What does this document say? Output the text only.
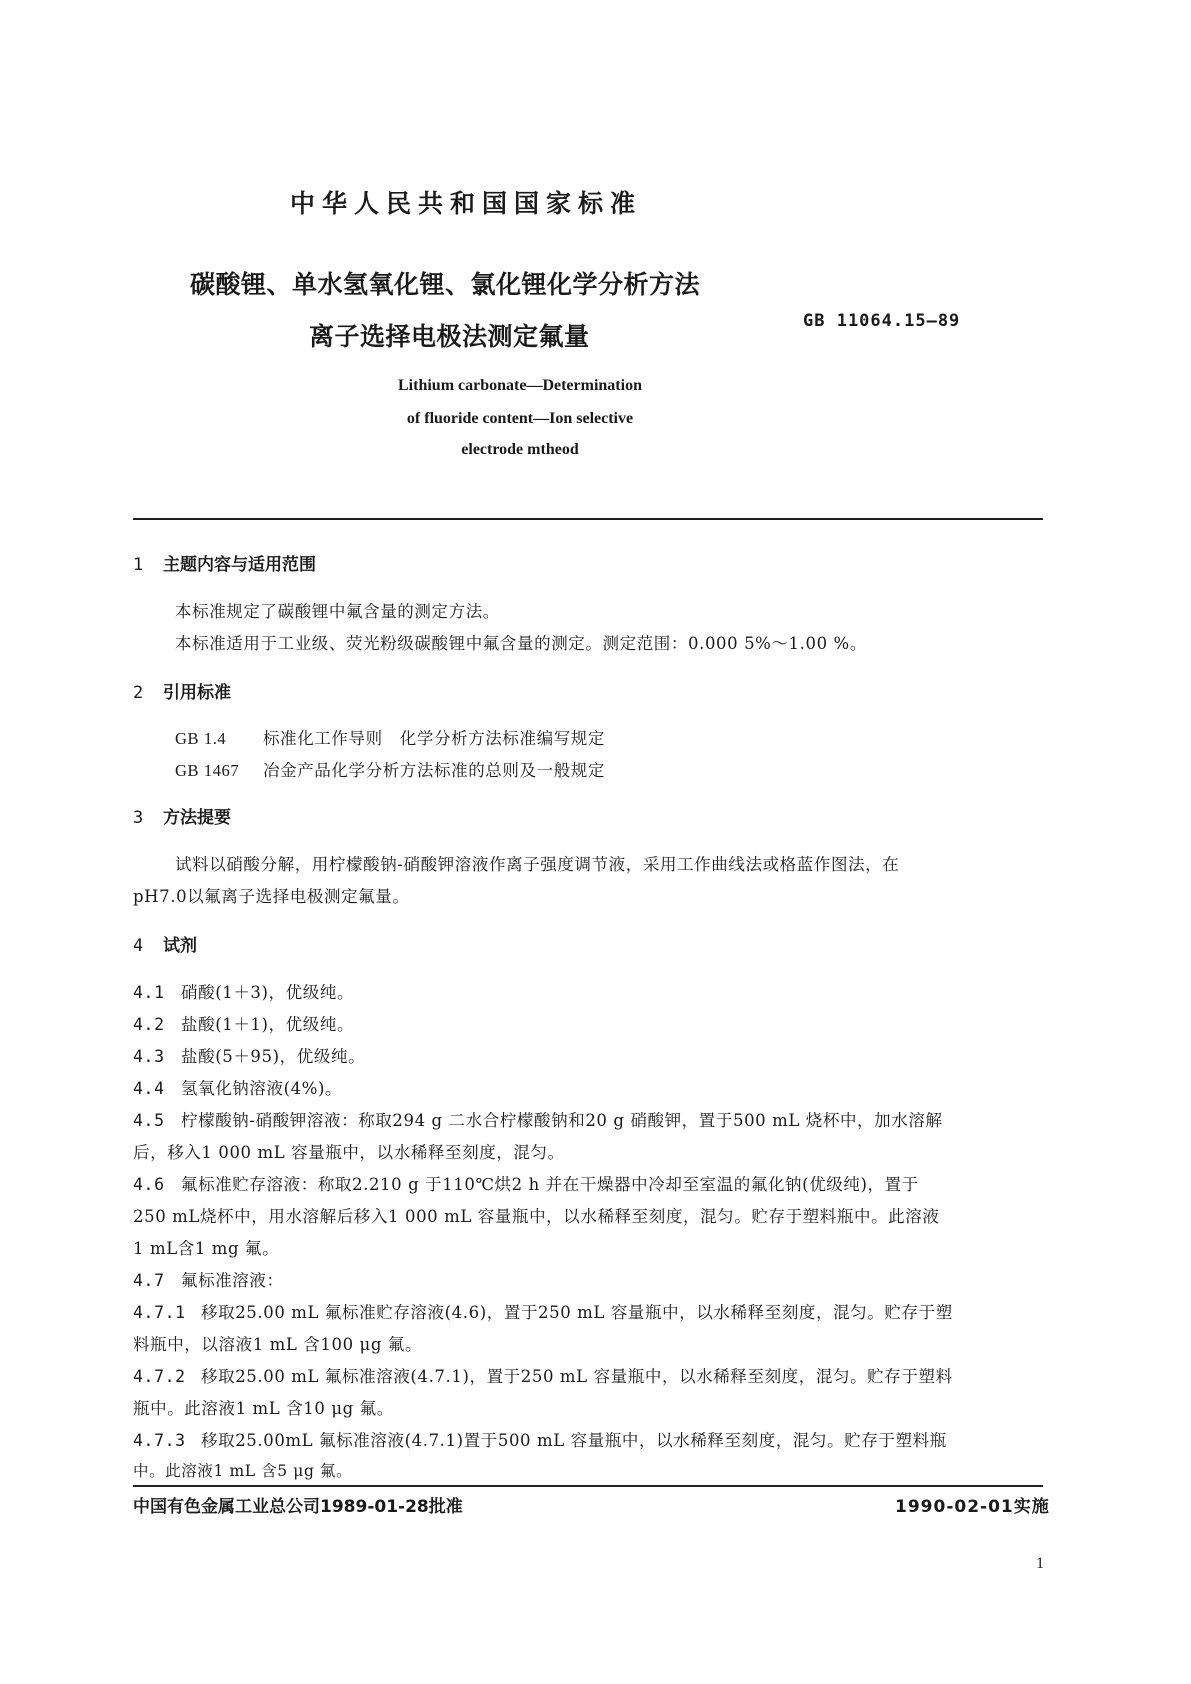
中华人民共和国国家标准
碳酸锂、单水氢氧化锂、氯化锂化学分析方法
离子选择电极法测定氟量
GB 11064.15—89
Lithium carbonate—Determination
of fluoride content—Ion selective
electrode mtheod
1 主题内容与适用范围
本标准规定了碳酸锂中氟含量的测定方法。
本标准适用于工业级、荧光粉级碳酸锂中氟含量的测定。测定范围：0.000 5%～1.00 %。
2 引用标准
GB 1.4 标准化工作导则　化学分析方法标准编写规定
GB 1467 冶金产品化学分析方法标准的总则及一般规定
3 方法提要
试料以硝酸分解，用柠檬酸钠-硝酸钾溶液作离子强度调节液，采用工作曲线法或格蓝作图法，在
pH7.0以氟离子选择电极测定氟量。
4 试剂
4.1 硝酸(1＋3)，优级纯。
4.2 盐酸(1＋1)，优级纯。
4.3 盐酸(5＋95)，优级纯。
4.4 氢氧化钠溶液(4%)。
4.5 柠檬酸钠-硝酸钾溶液：称取294 g 二水合柠檬酸钠和20 g 硝酸钾，置于500 mL 烧杯中，加水溶解
后，移入1 000 mL 容量瓶中，以水稀释至刻度，混匀。
4.6 氟标准贮存溶液：称取2.210 g 于110℃烘2 h 并在干燥器中冷却至室温的氟化钠(优级纯)，置于
250 mL烧杯中，用水溶解后移入1 000 mL 容量瓶中，以水稀释至刻度，混匀。贮存于塑料瓶中。此溶液
1 mL含1 mg 氟。
4.7 氟标准溶液：
4.7.1 移取25.00 mL 氟标准贮存溶液(4.6)，置于250 mL 容量瓶中，以水稀释至刻度，混匀。贮存于塑
料瓶中，以溶液1 mL 含100 μg 氟。
4.7.2 移取25.00 mL 氟标准溶液(4.7.1)，置于250 mL 容量瓶中，以水稀释至刻度，混匀。贮存于塑料
瓶中。此溶液1 mL 含10 μg 氟。
4.7.3 移取25.00mL 氟标准溶液(4.7.1)置于500 mL 容量瓶中，以水稀释至刻度，混匀。贮存于塑料瓶
中。此溶液1 mL 含5 μg 氟。
中国有色金属工业总公司1989-01-28批准	1990-02-01实施
1
